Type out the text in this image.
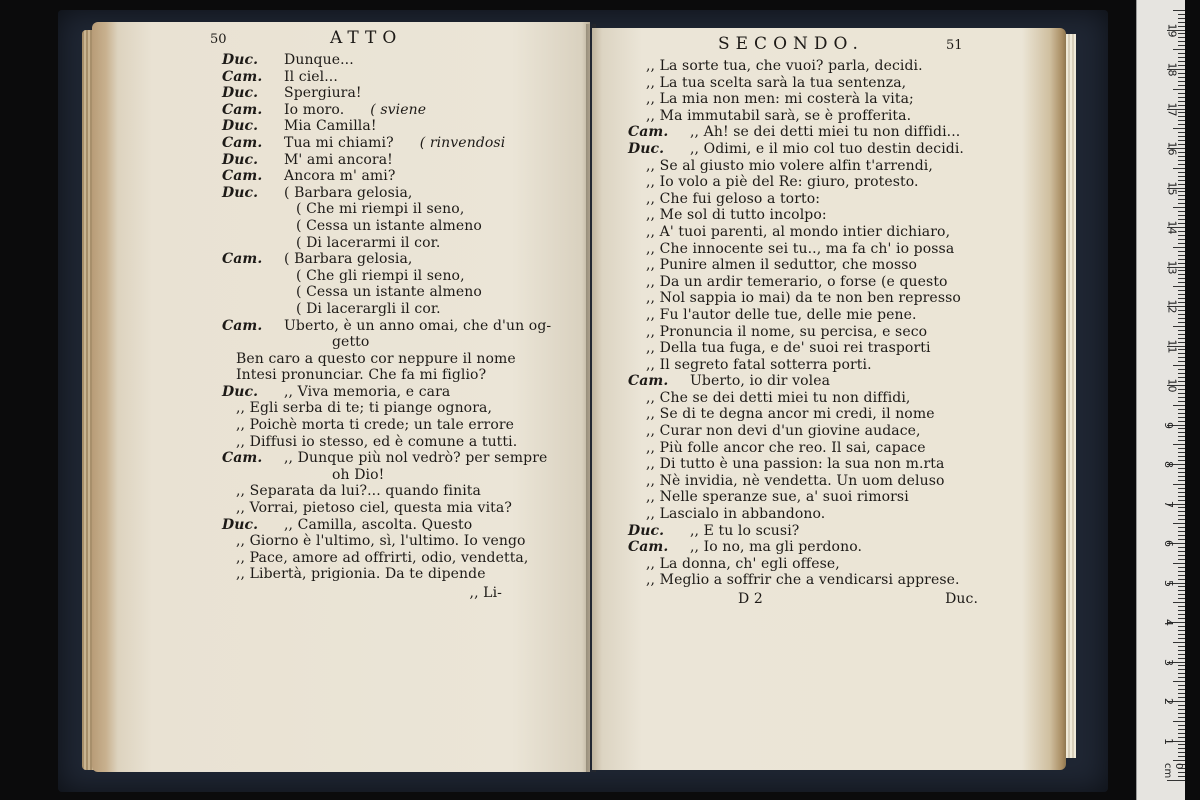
50	ATTO
Duc.	Dunque...
Cam.	Il ciel...
Duc.	Spergiura!
Cam.	Io moro. ( sviene
Duc.	Mia Camilla!
Cam.	Tua mi chiami? ( rinvendosi
Duc.	M' ami ancora!
Cam.	Ancora m' ami?
Duc.	( Barbara gelosia,
( Che mi riempi il seno,
( Cessa un istante almeno
( Di lacerarmi il cor.
Cam.	( Barbara gelosia,
( Che gli riempi il seno,
( Cessa un istante almeno
( Di lacerargli il cor.
Cam.	Uberto, è un anno omai, che d'un og-
getto
Ben caro a questo cor neppure il nome
Intesi pronunciar. Che fa mi figlio?
Duc.	,, Viva memoria, e cara
,, Egli serba di te; ti piange ognora,
,, Poichè morta ti crede; un tale errore
,, Diffusi io stesso, ed è comune a tutti.
Cam.	,, Dunque più nol vedrò? per sempre
oh Dio!
,, Separata da lui?... quando finita
,, Vorrai, pietoso ciel, questa mia vita?
Duc.	,, Camilla, ascolta. Questo
,, Giorno è l'ultimo, sì, l'ultimo. Io vengo
,, Pace, amore ad offrirti, odio, vendetta,
,, Libertà, prigionia. Da te dipende
,, Li-
SECONDO.	51
,, La sorte tua, che vuoi? parla, decidi.
,, La tua scelta sarà la tua sentenza,
,, La mia non men: mi costerà la vita;
,, Ma immutabil sarà, se è profferita.
Cam.	,, Ah! se dei detti miei tu non diffidi...
Duc.	,, Odimi, e il mio col tuo destin decidi.
,, Se al giusto mio volere alfin t'arrendi,
,, Io volo a piè del Re: giuro, protesto.
,, Che fui geloso a torto:
,, Me sol di tutto incolpo:
,, A' tuoi parenti, al mondo intier dichiaro,
,, Che innocente sei tu.., ma fa ch' io possa
,, Punire almen il seduttor, che mosso
,, Da un ardir temerario, o forse (e questo
,, Nol sappia io mai) da te non ben represso
,, Fu l'autor delle tue, delle mie pene.
,, Pronuncia il nome, su percisa, e seco
,, Della tua fuga, e de' suoi rei trasporti
,, Il segreto fatal sotterra porti.
Cam.	Uberto, io dir volea
,, Che se dei detti miei tu non diffidi,
,, Se di te degna ancor mi credi, il nome
,, Curar non devi d'un giovine audace,
,, Più folle ancor che reo. Il sai, capace
,, Di tutto è una passion: la sua non m.rta
,, Nè invidia, nè vendetta. Un uom deluso
,, Nelle speranze sue, a' suoi rimorsi
,, Lascialo in abbandono.
Duc.	,, E tu lo scusi?
Cam.	,, Io no, ma gli perdono.
,, La donna, ch' egli offese,
,, Meglio a soffrir che a vendicarsi apprese.
D 2	Duc.
0 cm
1
2
3
4
5
6
7
8
9
10
11
12
13
14
15
16
17
18
19
